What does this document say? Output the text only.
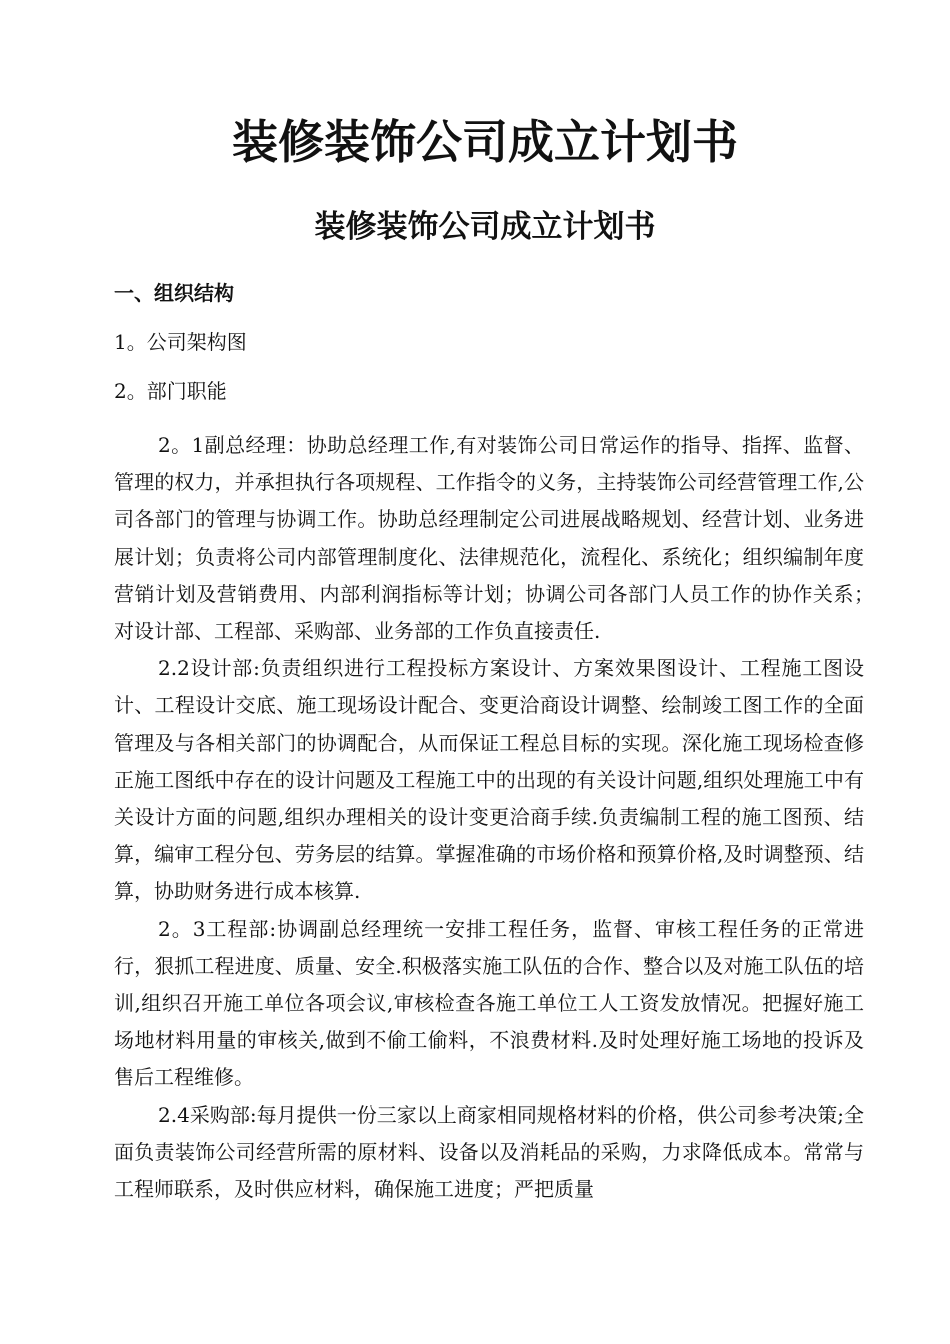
装修装饰公司成立计划书
装修装饰公司成立计划书
一、组织结构

1。公司架构图

2。部门职能

2。1副总经理：协助总经理工作,有对装饰公司日常运作的指导、指挥、监督、管理的权力，并承担执行各项规程、工作指令的义务，主持装饰公司经营管理工作,公司各部门的管理与协调工作。协助总经理制定公司进展战略规划、经营计划、业务进展计划；负责将公司内部管理制度化、法律规范化，流程化、系统化；组织编制年度营销计划及营销费用、内部利润指标等计划；协调公司各部门人员工作的协作关系；　对设计部、工程部、采购部、业务部的工作负直接责任.

2.2设计部:负责组织进行工程投标方案设计、方案效果图设计、工程施工图设计、工程设计交底、施工现场设计配合、变更洽商设计调整、绘制竣工图工作的全面管理及与各相关部门的协调配合，从而保证工程总目标的实现。深化施工现场检查修正施工图纸中存在的设计问题及工程施工中的出现的有关设计问题,组织处理施工中有关设计方面的问题,组织办理相关的设计变更洽商手续.负责编制工程的施工图预、结算，编审工程分包、劳务层的结算。掌握准确的市场价格和预算价格,及时调整预、结算，协助财务进行成本核算.

2。3工程部:协调副总经理统一安排工程任务，监督、审核工程任务的正常进行，狠抓工程进度、质量、安全.积极落实施工队伍的合作、整合以及对施工队伍的培训,组织召开施工单位各项会议,审核检查各施工单位工人工资发放情况。把握好施工场地材料用量的审核关,做到不偷工偷料，不浪费材料.及时处理好施工场地的投诉及售后工程维修。

2.4采购部:每月提供一份三家以上商家相同规格材料的价格，供公司参考决策;全面负责装饰公司经营所需的原材料、设备以及消耗品的采购，力求降低成本。常常与工程师联系，及时供应材料，确保施工进度；严把质量
